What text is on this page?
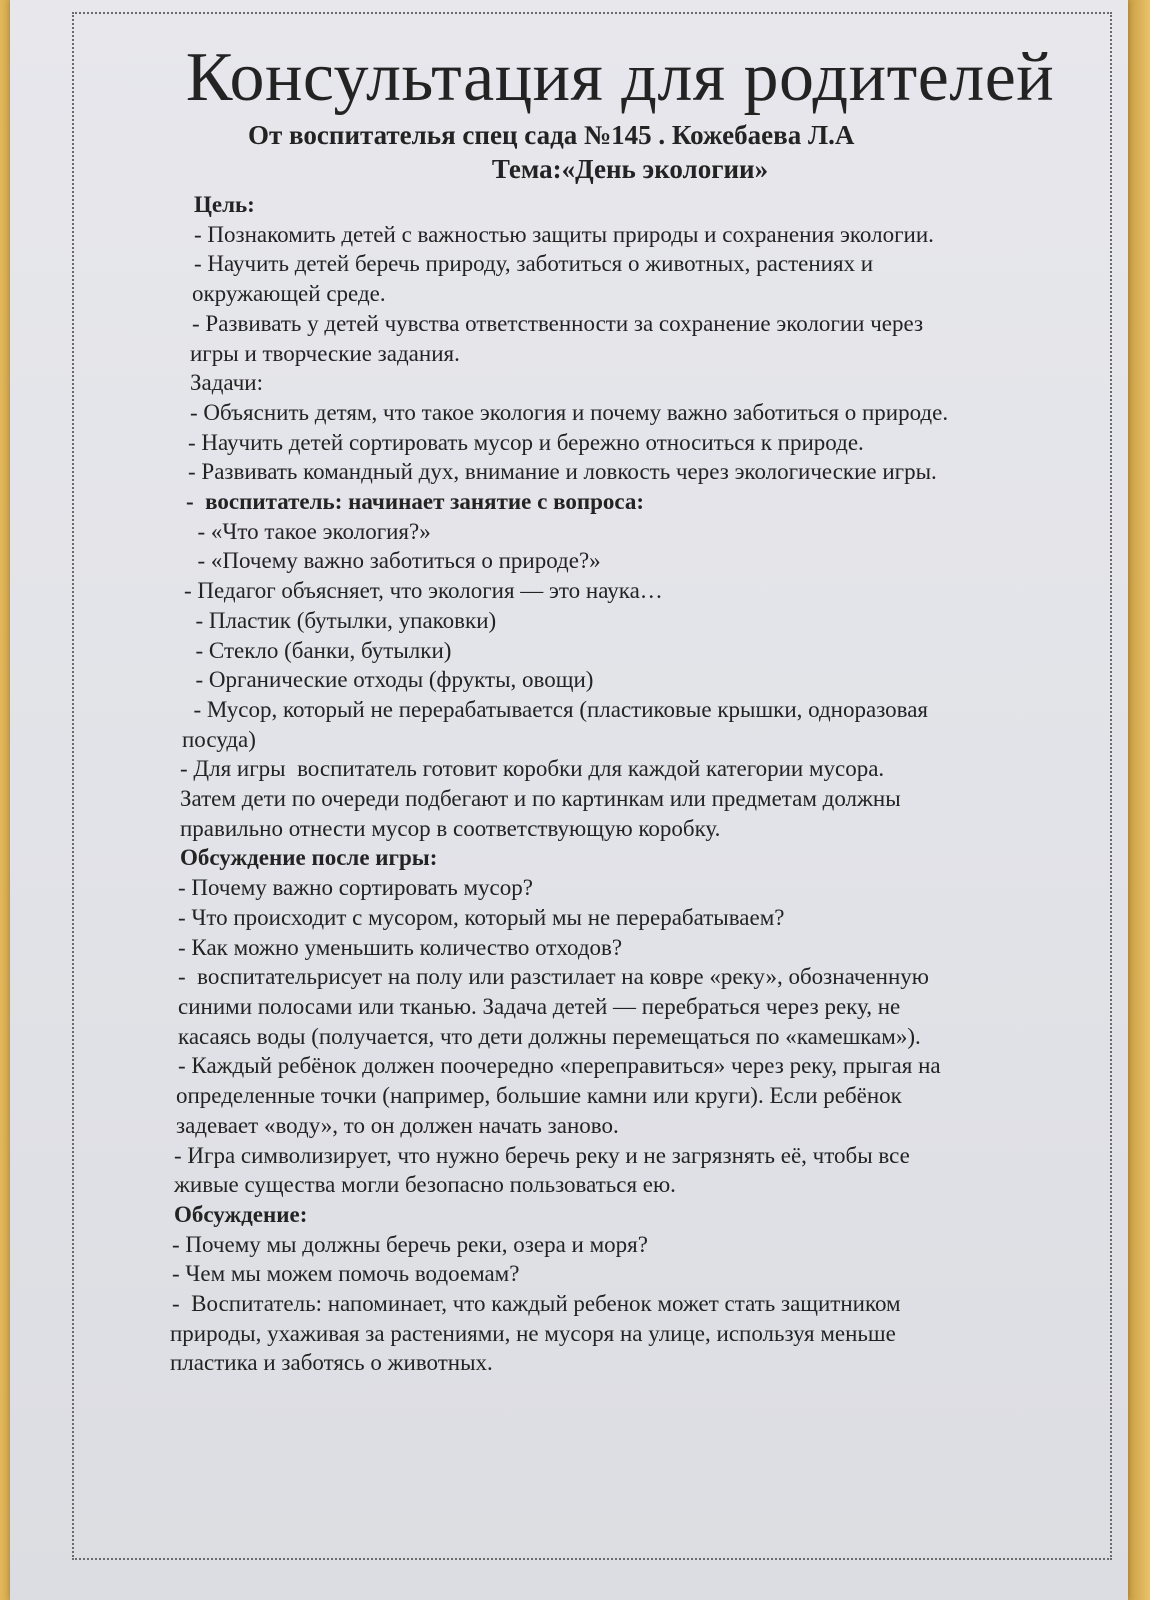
Консультация для родителей
От воспитателья спец сада №145 . Кожебаева Л.А
Тема:«День экологии»
Цель:
- Познакомить детей с важностью защиты природы и сохранения экологии.
- Научить детей беречь природу, заботиться о животных, растениях и
окружающей среде.
- Развивать у детей чувства ответственности за сохранение экологии через
игры и творческие задания.
Задачи:
- Объяснить детям, что такое экология и почему важно заботиться о природе.
- Научить детей сортировать мусор и бережно относиться к природе.
- Развивать командный дух, внимание и ловкость через экологические игры.
-  воспитатель: начинает занятие с вопроса:
- «Что такое экология?»
- «Почему важно заботиться о природе?»
- Педагог объясняет, что экология — это наука…
- Пластик (бутылки, упаковки)
- Стекло (банки, бутылки)
- Органические отходы (фрукты, овощи)
- Мусор, который не перерабатывается (пластиковые крышки, одноразовая
посуда)
- Для игры  воспитатель готовит коробки для каждой категории мусора.
Затем дети по очереди подбегают и по картинкам или предметам должны
правильно отнести мусор в соответствующую коробку.
Обсуждение после игры:
- Почему важно сортировать мусор?
- Что происходит с мусором, который мы не перерабатываем?
- Как можно уменьшить количество отходов?
-  воспитательрисует на полу или разстилает на ковре «реку», обозначенную
синими полосами или тканью. Задача детей — перебраться через реку, не
касаясь воды (получается, что дети должны перемещаться по «камешкам»).
- Каждый ребёнок должен поочередно «переправиться» через реку, прыгая на
определенные точки (например, большие камни или круги). Если ребёнок
задевает «воду», то он должен начать заново.
- Игра символизирует, что нужно беречь реку и не загрязнять её, чтобы все
живые существа могли безопасно пользоваться ею.
Обсуждение:
- Почему мы должны беречь реки, озера и моря?
- Чем мы можем помочь водоемам?
-  Воспитатель: напоминает, что каждый ребенок может стать защитником
природы, ухаживая за растениями, не мусоря на улице, используя меньше
пластика и заботясь о животных.
